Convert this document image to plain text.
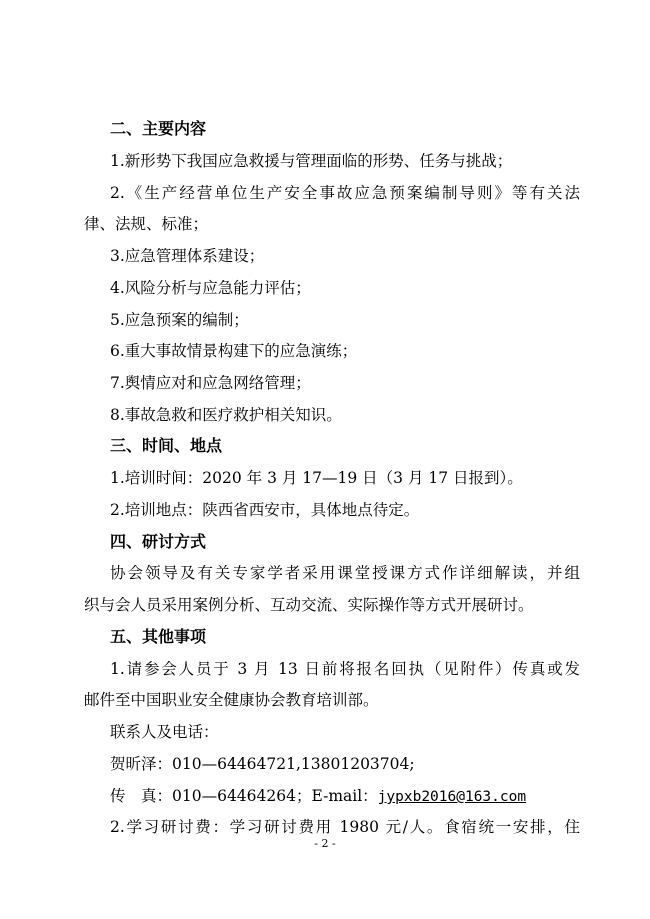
二、主要内容
1.新形势下我国应急救援与管理面临的形势、任务与挑战；
2.《生产经营单位生产安全事故应急预案编制导则》等有关法
律、法规、标准；
3.应急管理体系建设；
4.风险分析与应急能力评估；
5.应急预案的编制；
6.重大事故情景构建下的应急演练；
7.舆情应对和应急网络管理；
8.事故急救和医疗救护相关知识。
三、时间、地点
1.培训时间：2020 年 3 月 17—19 日（3 月 17 日报到）。
2.培训地点：陕西省西安市，具体地点待定。
四、研讨方式
协会领导及有关专家学者采用课堂授课方式作详细解读，并组
织与会人员采用案例分析、互动交流、实际操作等方式开展研讨。
五、其他事项
1.请参会人员于 3 月 13 日前将报名回执（见附件）传真或发
邮件至中国职业安全健康协会教育培训部。
联系人及电话：
贺昕泽：010—64464721,13801203704;
传　真：010—64464264；E-mail：jypxb2016@163.com
2.学习研讨费：学习研讨费用 1980 元/人。食宿统一安排，住
- 2 -
